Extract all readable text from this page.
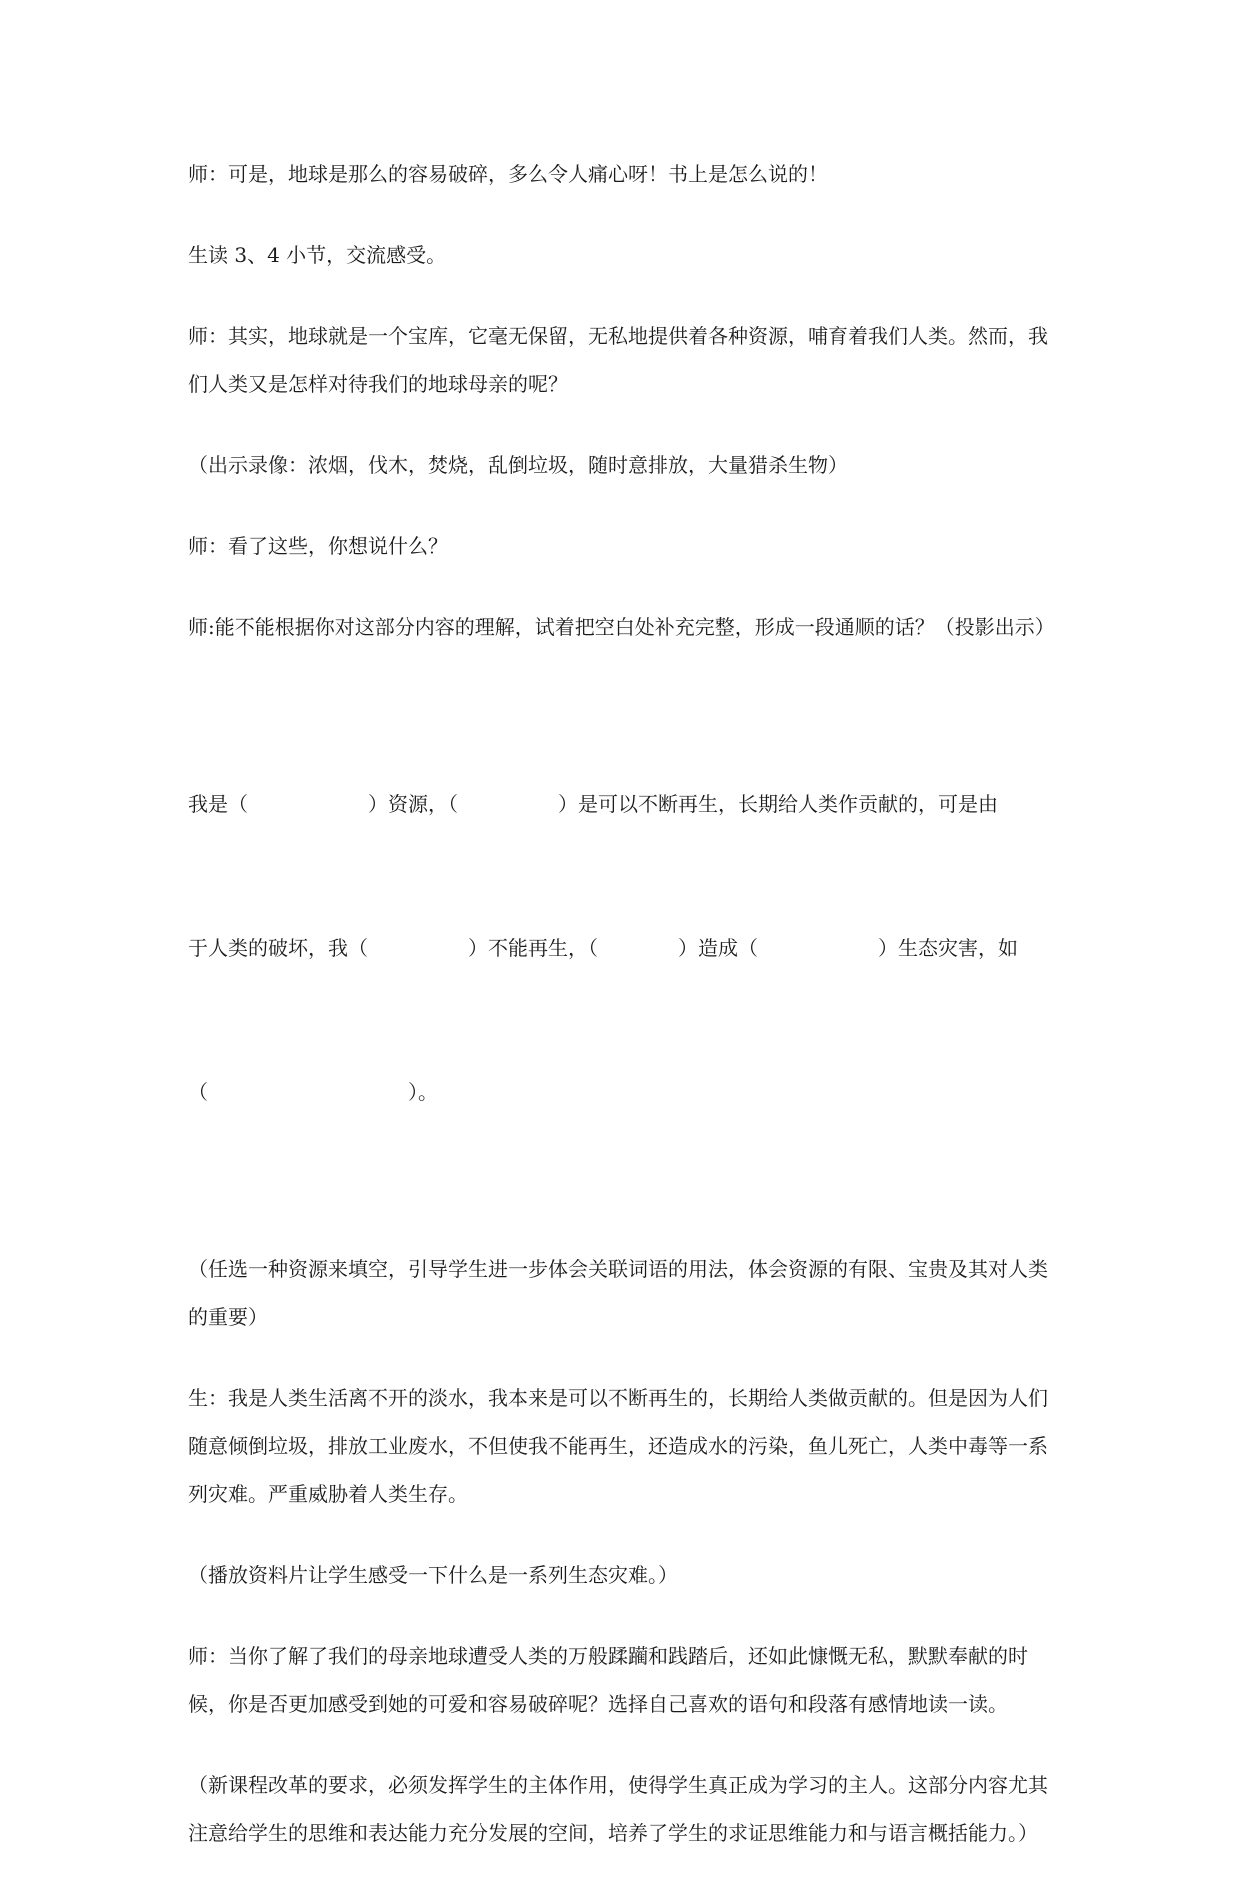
师：可是，地球是那么的容易破碎，多么令人痛心呀！书上是怎么说的！

生读 3、4 小节，交流感受。

师：其实，地球就是一个宝库，它毫无保留，无私地提供着各种资源，哺育着我们人类。然而，我们人类又是怎样对待我们的地球母亲的呢？

（出示录像：浓烟，伐木，焚烧，乱倒垃圾，随时意排放，大量猎杀生物）

师：看了这些，你想说什么？

师:能不能根据你对这部分内容的理解，试着把空白处补充完整，形成一段通顺的话？（投影出示）

我是（　　　　　　）资源，（　　　　　）是可以不断再生，长期给人类作贡献的，可是由

于人类的破坏，我（　　　　　）不能再生，（　　　　）造成（　　　　　　）生态灾害，如

（　　　　　　　　　　）。

（任选一种资源来填空，引导学生进一步体会关联词语的用法，体会资源的有限、宝贵及其对人类的重要）

生：我是人类生活离不开的淡水，我本来是可以不断再生的，长期给人类做贡献的。但是因为人们随意倾倒垃圾，排放工业废水，不但使我不能再生，还造成水的污染，鱼儿死亡，人类中毒等一系列灾难。严重威胁着人类生存。

（播放资料片让学生感受一下什么是一系列生态灾难。）

师：当你了解了我们的母亲地球遭受人类的万般蹂躏和践踏后，还如此慷慨无私，默默奉献的时候，你是否更加感受到她的可爱和容易破碎呢？选择自己喜欢的语句和段落有感情地读一读。

（新课程改革的要求，必须发挥学生的主体作用，使得学生真正成为学习的主人。这部分内容尤其注意给学生的思维和表达能力充分发展的空间，培养了学生的求证思维能力和与语言概括能力。）
